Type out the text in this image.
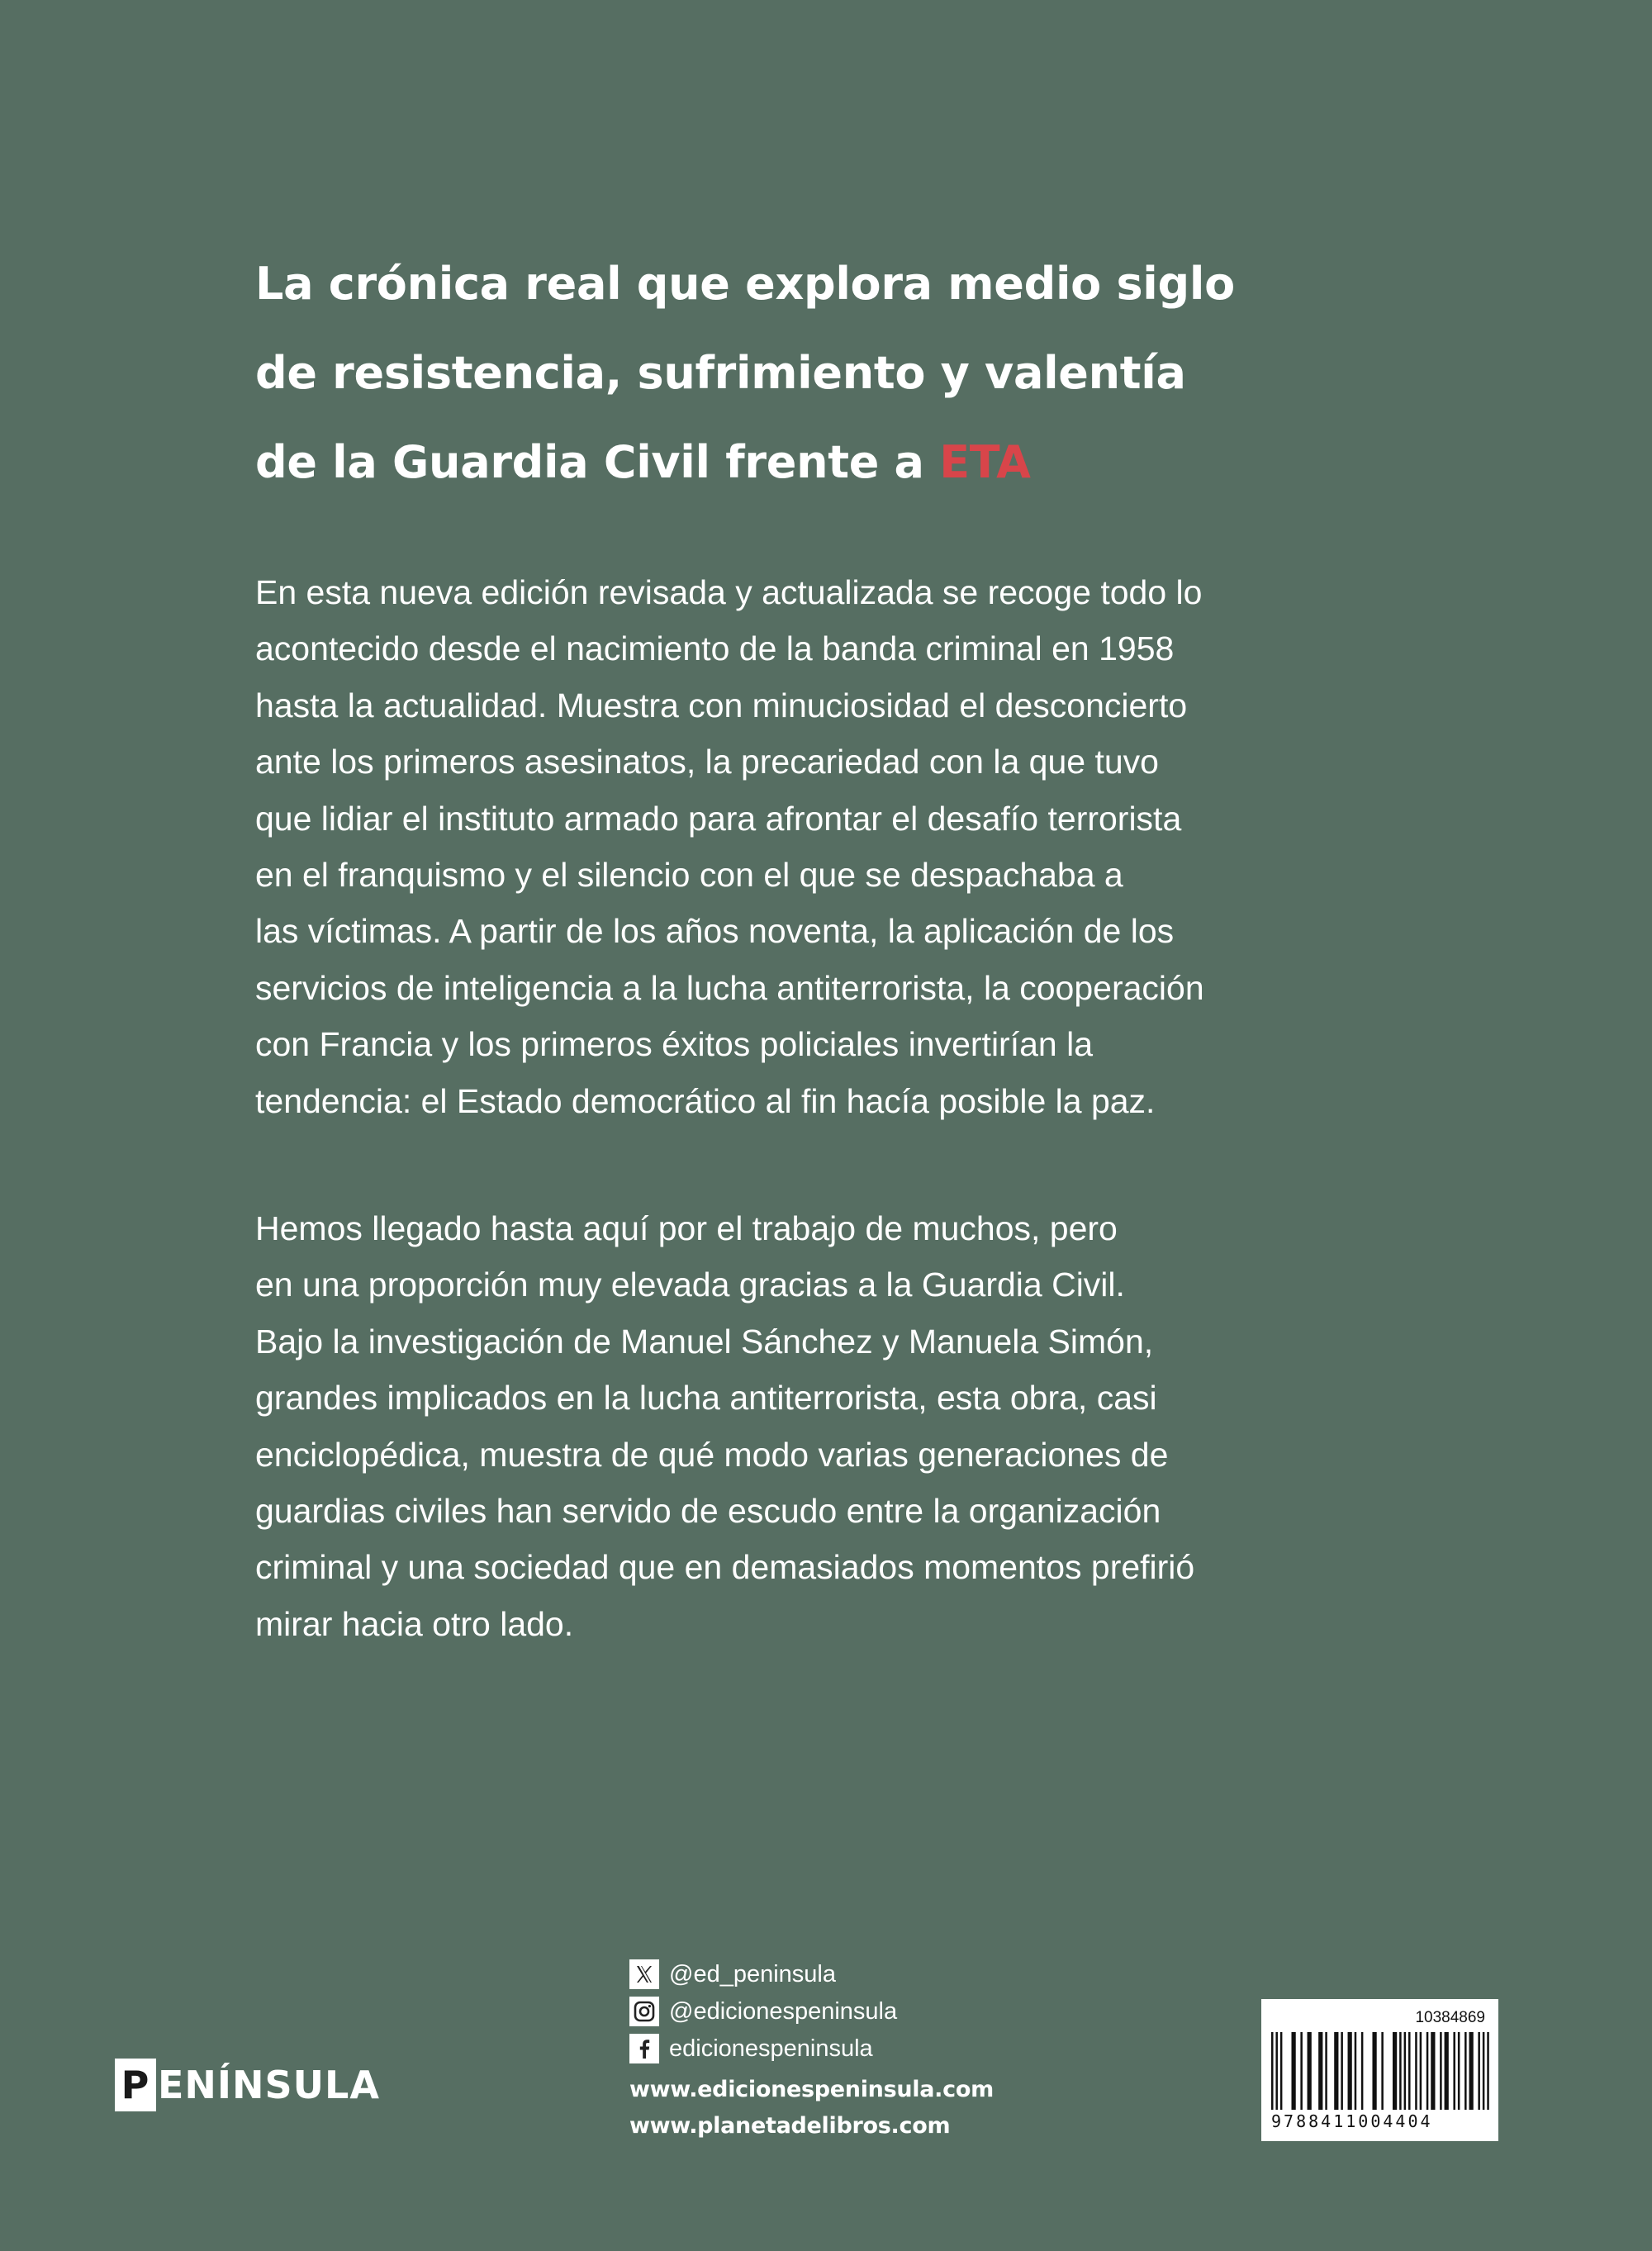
La crónica real que explora medio siglo
de resistencia, sufrimiento y valentía
de la Guardia Civil frente a ETA

En esta nueva edición revisada y actualizada se recoge todo lo
acontecido desde el nacimiento de la banda criminal en 1958
hasta la actualidad. Muestra con minuciosidad el desconcierto
ante los primeros asesinatos, la precariedad con la que tuvo
que lidiar el instituto armado para afrontar el desafío terrorista
en el franquismo y el silencio con el que se despachaba a
las víctimas. A partir de los años noventa, la aplicación de los
servicios de inteligencia a la lucha antiterrorista, la cooperación
con Francia y los primeros éxitos policiales invertirían la
tendencia: el Estado democrático al fin hacía posible la paz.

Hemos llegado hasta aquí por el trabajo de muchos, pero
en una proporción muy elevada gracias a la Guardia Civil.
Bajo la investigación de Manuel Sánchez y Manuela Simón,
grandes implicados en la lucha antiterrorista, esta obra, casi
enciclopédica, muestra de qué modo varias generaciones de
guardias civiles han servido de escudo entre la organización
criminal y una sociedad que en demasiados momentos prefirió
mirar hacia otro lado.

P ENÍNSULA
@ed_peninsula
@edicionespeninsula
edicionespeninsula
www.edicionespeninsula.com
www.planetadelibros.com
10384869
9788411004404
